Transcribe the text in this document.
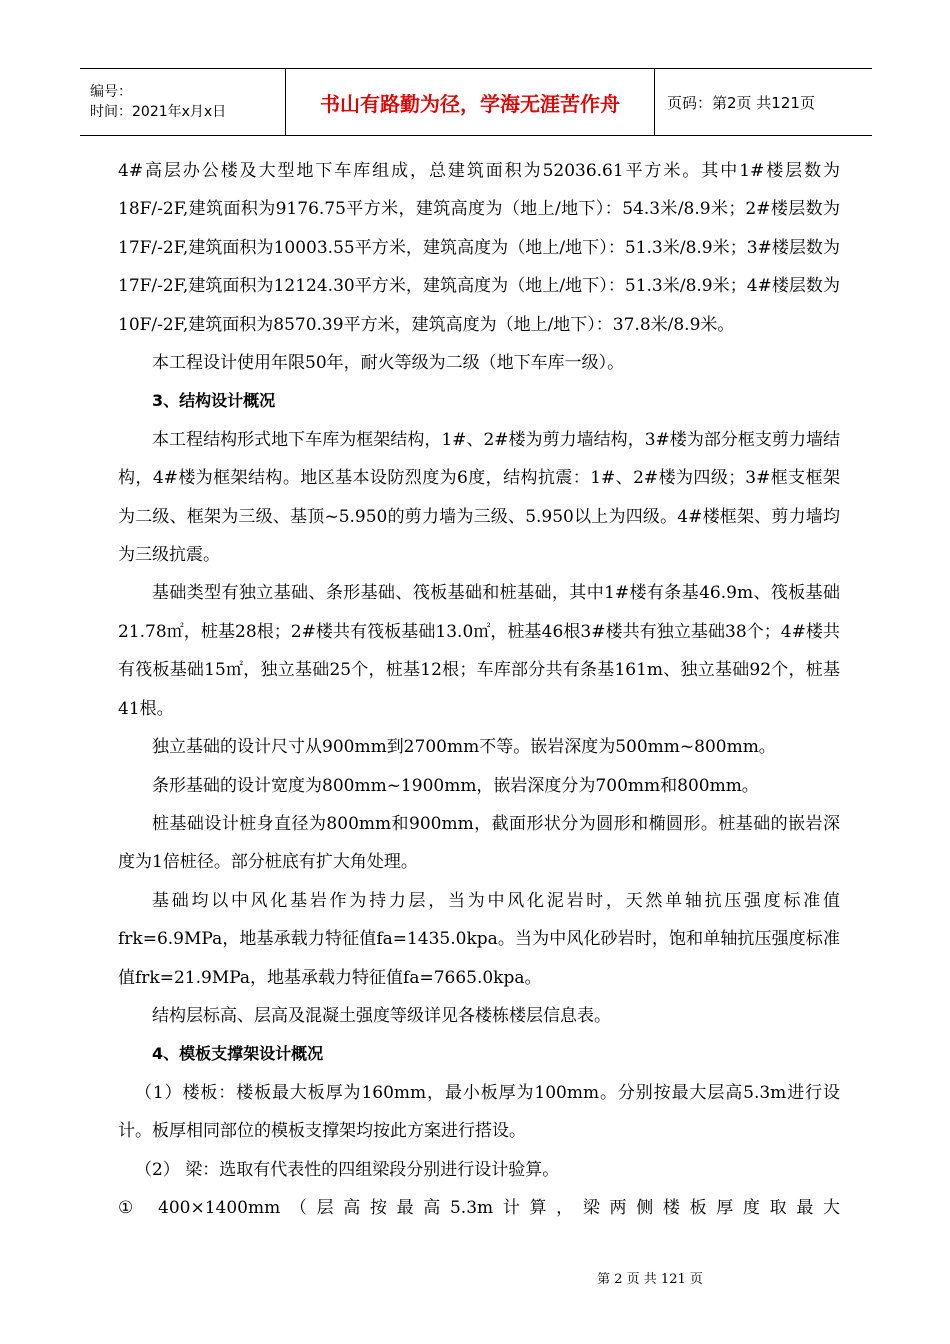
编号：
时间：2021年x月x日	书山有路勤为径，学海无涯苦作舟	页码：第2页 共121页

4#高层办公楼及大型地下车库组成，总建筑面积为52036.61平方米。其中1#楼层数为18F/-2F,建筑面积为9176.75平方米，建筑高度为（地上/地下）：54.3米/8.9米；2#楼层数为17F/-2F,建筑面积为10003.55平方米，建筑高度为（地上/地下）：51.3米/8.9米；3#楼层数为17F/-2F,建筑面积为12124.30平方米，建筑高度为（地上/地下）：51.3米/8.9米；4#楼层数为10F/-2F,建筑面积为8570.39平方米，建筑高度为（地上/地下）：37.8米/8.9米。

本工程设计使用年限50年，耐火等级为二级（地下车库一级）。

3、结构设计概况

本工程结构形式地下车库为框架结构，1#、2#楼为剪力墙结构，3#楼为部分框支剪力墙结构，4#楼为框架结构。地区基本设防烈度为6度，结构抗震：1#、2#楼为四级；3#框支框架为二级、框架为三级、基顶~5.950的剪力墙为三级、5.950以上为四级。4#楼框架、剪力墙均为三级抗震。

基础类型有独立基础、条形基础、筏板基础和桩基础，其中1#楼有条基46.9m、筏板基础21.78㎡，桩基28根；2#楼共有筏板基础13.0㎡，桩基46根3#楼共有独立基础38个；4#楼共有筏板基础15㎡，独立基础25个，桩基12根；车库部分共有条基161m、独立基础92个，桩基41根。

独立基础的设计尺寸从900mm到2700mm不等。嵌岩深度为500mm~800mm。

条形基础的设计宽度为800mm~1900mm，嵌岩深度分为700mm和800mm。

桩基础设计桩身直径为800mm和900mm，截面形状分为圆形和椭圆形。桩基础的嵌岩深度为1倍桩径。部分桩底有扩大角处理。

基础均以中风化基岩作为持力层，当为中风化泥岩时，天然单轴抗压强度标准值frk=6.9MPa，地基承载力特征值fa=1435.0kpa。当为中风化砂岩时，饱和单轴抗压强度标准值frk=21.9MPa，地基承载力特征值fa=7665.0kpa。

结构层标高、层高及混凝土强度等级详见各楼栋楼层信息表。

4、模板支撑架设计概况

（1）楼板：楼板最大板厚为160mm，最小板厚为100mm。分别按最大层高5.3m进行设计。板厚相同部位的模板支撑架均按此方案进行搭设。

（2） 梁：选取有代表性的四组梁段分别进行设计验算。

① 400×1400mm（层高按最高5.3m计算，梁两侧楼板厚度取最大

第 2 页 共 121 页
